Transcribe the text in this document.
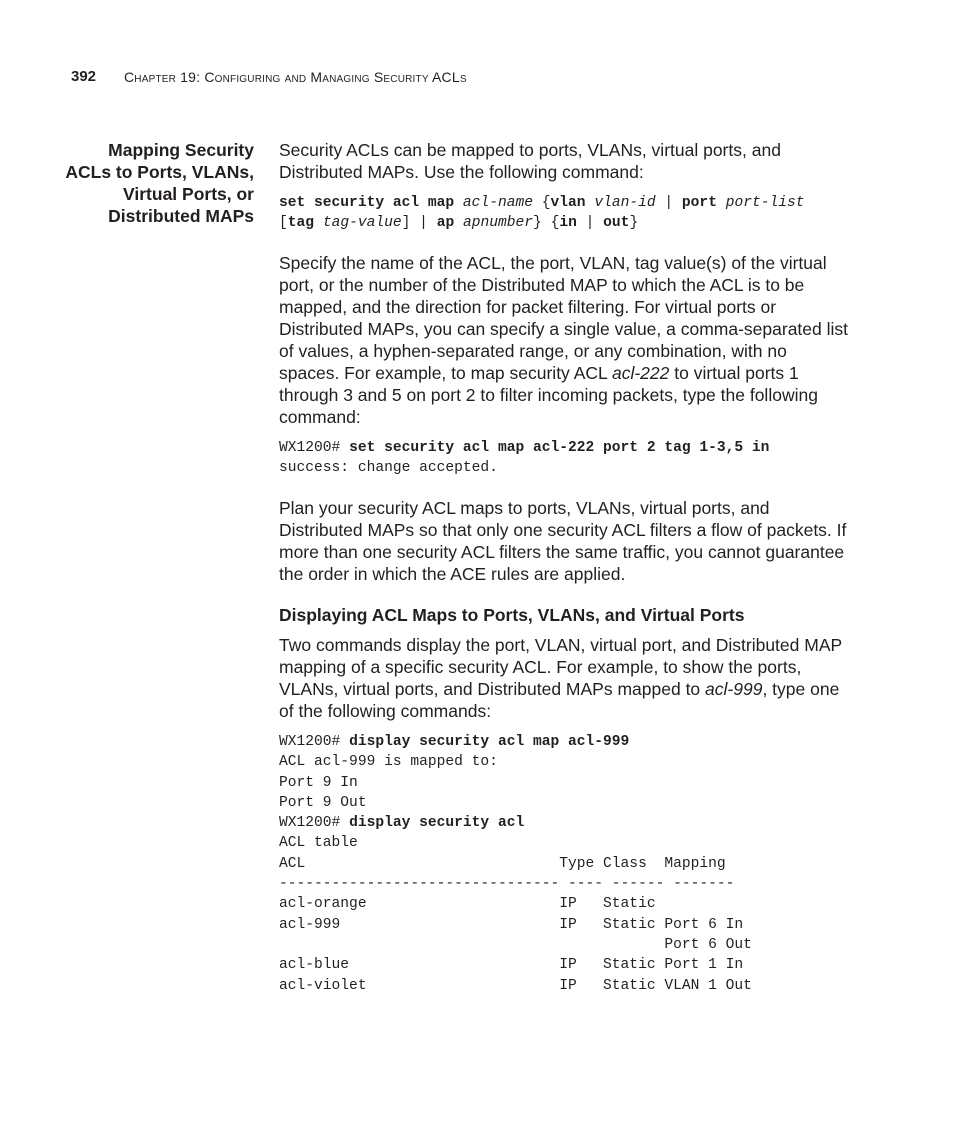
392 Chapter 19: Configuring and Managing Security ACLs
Mapping Security
ACLs to Ports, VLANs,
Virtual Ports, or
Distributed MAPs

Security ACLs can be mapped to ports, VLANs, virtual ports, and

Distributed MAPs. Use the following command:

set security acl map acl-name {vlan vlan-id | port port-list
[tag tag-value] | ap apnumber} {in | out}

Specify the name of the ACL, the port, VLAN, tag value(s) of the virtual

port, or the number of the Distributed MAP to which the ACL is to be

mapped, and the direction for packet filtering. For virtual ports or

Distributed MAPs, you can specify a single value, a comma-separated list

of values, a hyphen-separated range, or any combination, with no

spaces. For example, to map security ACL acl-222 to virtual ports 1

through 3 and 5 on port 2 to filter incoming packets, type the following

command:

WX1200# set security acl map acl-222 port 2 tag 1-3,5 in
success: change accepted.

Plan your security ACL maps to ports, VLANs, virtual ports, and

Distributed MAPs so that only one security ACL filters a flow of packets. If

more than one security ACL filters the same traffic, you cannot guarantee

the order in which the ACE rules are applied.

Displaying ACL Maps to Ports, VLANs, and Virtual Ports

Two commands display the port, VLAN, virtual port, and Distributed MAP

mapping of a specific security ACL. For example, to show the ports,

VLANs, virtual ports, and Distributed MAPs mapped to acl-999, type one

of the following commands:

WX1200# display security acl map acl-999
ACL acl-999 is mapped to:
Port 9 In
Port 9 Out
WX1200# display security acl
ACL table
ACL                             Type Class  Mapping
-------------------------------- ---- ------ -------
acl-orange                      IP   Static
acl-999                         IP   Static Port 6 In
Port 6 Out
acl-blue                        IP   Static Port 1 In
acl-violet                      IP   Static VLAN 1 Out
